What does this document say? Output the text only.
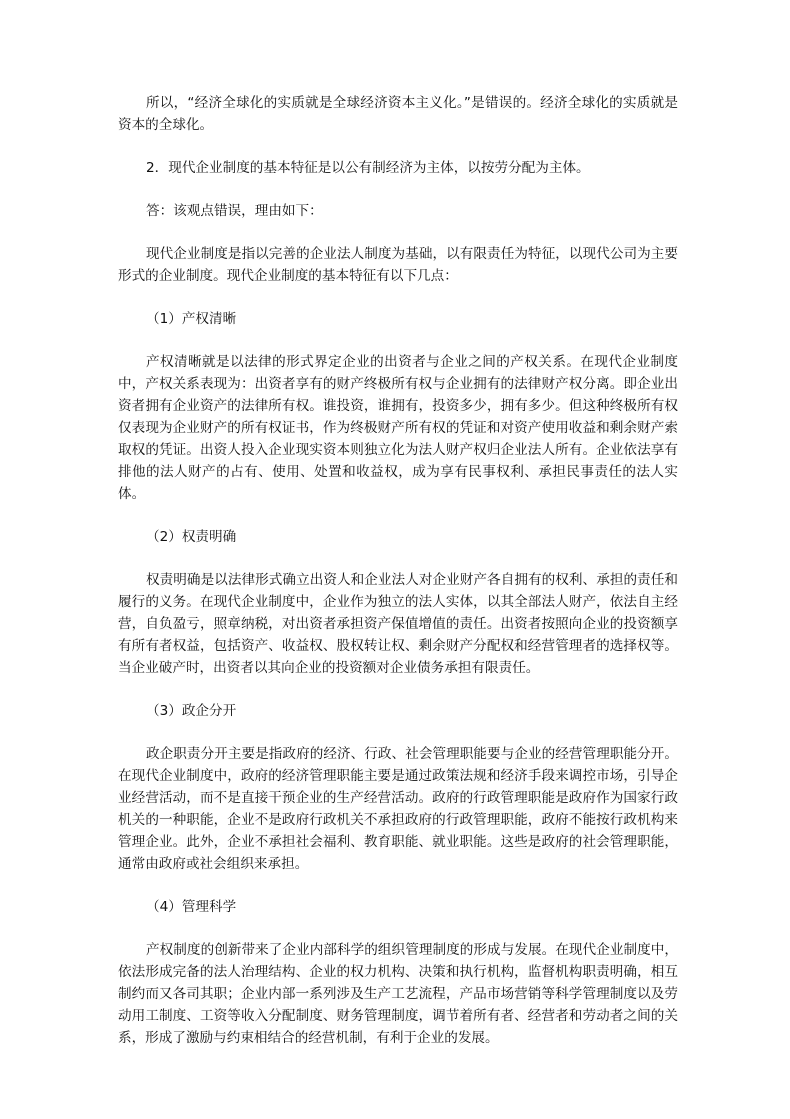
所以，“经济全球化的实质就是全球经济资本主义化。”是错误的。经济全球化的实质就是资本的全球化。

2．现代企业制度的基本特征是以公有制经济为主体，以按劳分配为主体。

答：该观点错误，理由如下：

现代企业制度是指以完善的企业法人制度为基础，以有限责任为特征，以现代公司为主要形式的企业制度。现代企业制度的基本特征有以下几点：

（1）产权清晰

产权清晰就是以法律的形式界定企业的出资者与企业之间的产权关系。在现代企业制度中，产权关系表现为：出资者享有的财产终极所有权与企业拥有的法律财产权分离。即企业出资者拥有企业资产的法律所有权。谁投资，谁拥有，投资多少，拥有多少。但这种终极所有权仅表现为企业财产的所有权证书，作为终极财产所有权的凭证和对资产使用收益和剩余财产索取权的凭证。出资人投入企业现实资本则独立化为法人财产权归企业法人所有。企业依法享有排他的法人财产的占有、使用、处置和收益权，成为享有民事权利、承担民事责任的法人实体。

（2）权责明确

权责明确是以法律形式确立出资人和企业法人对企业财产各自拥有的权利、承担的责任和履行的义务。在现代企业制度中，企业作为独立的法人实体，以其全部法人财产，依法自主经营，自负盈亏，照章纳税，对出资者承担资产保值增值的责任。出资者按照向企业的投资额享有所有者权益，包括资产、收益权、股权转让权、剩余财产分配权和经营管理者的选择权等。当企业破产时，出资者以其向企业的投资额对企业债务承担有限责任。

（3）政企分开

政企职责分开主要是指政府的经济、行政、社会管理职能要与企业的经营管理职能分开。在现代企业制度中，政府的经济管理职能主要是通过政策法规和经济手段来调控市场，引导企业经营活动，而不是直接干预企业的生产经营活动。政府的行政管理职能是政府作为国家行政机关的一种职能，企业不是政府行政机关不承担政府的行政管理职能，政府不能按行政机构来管理企业。此外，企业不承担社会福利、教育职能、就业职能。这些是政府的社会管理职能，通常由政府或社会组织来承担。

（4）管理科学

产权制度的创新带来了企业内部科学的组织管理制度的形成与发展。在现代企业制度中，依法形成完备的法人治理结构、企业的权力机构、决策和执行机构，监督机构职责明确，相互制约而又各司其职；企业内部一系列涉及生产工艺流程，产品市场营销等科学管理制度以及劳动用工制度、工资等收入分配制度、财务管理制度，调节着所有者、经营者和劳动者之间的关系，形成了激励与约束相结合的经营机制，有利于企业的发展。
